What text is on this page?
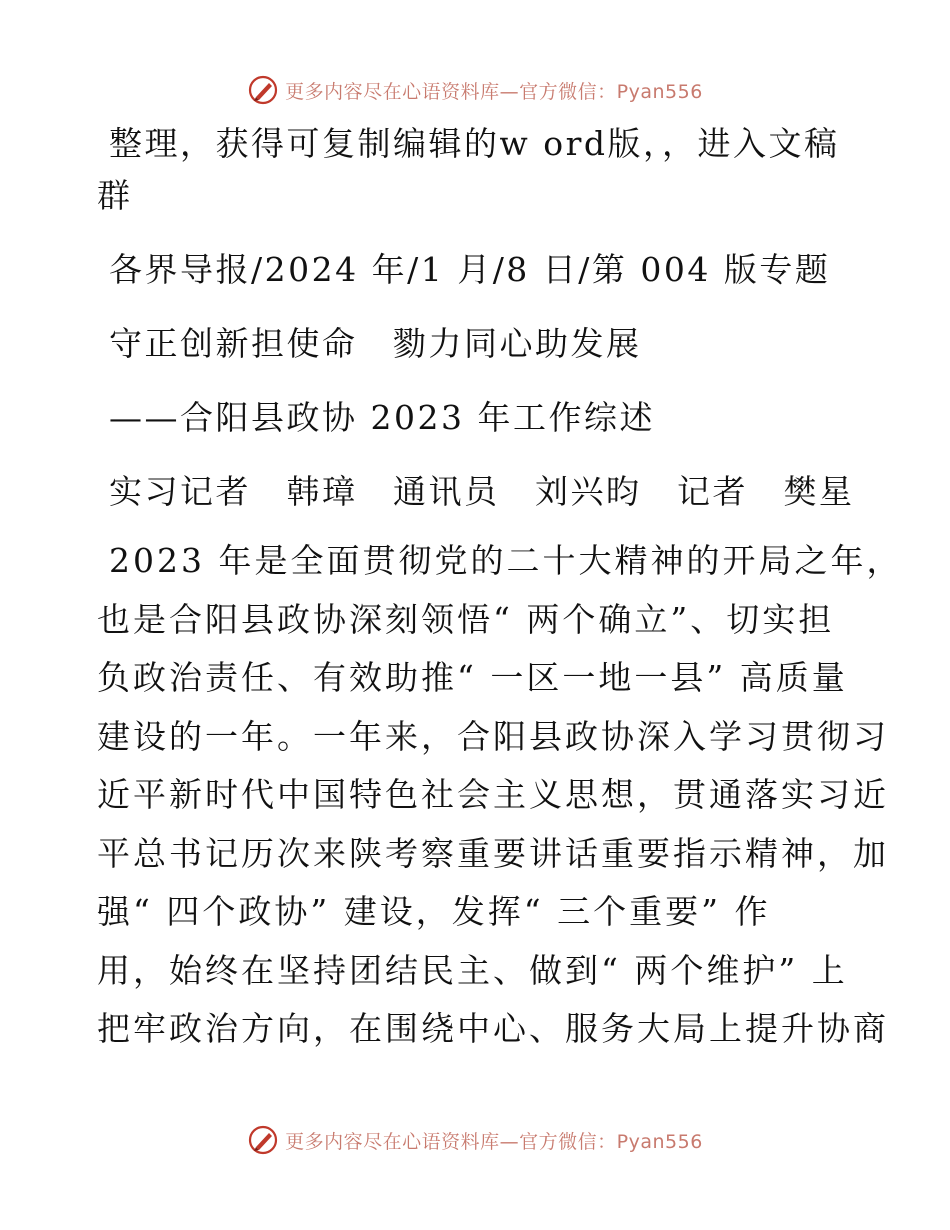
更多内容尽在心语资料库—官方微信：Pyan556
整理，获得可复制编辑的w ord版，，进入文稿
群
各界导报/2024 年/1 月/8 日/第 004 版专题
守正创新担使命　勠力同心助发展
——合阳县政协 2023 年工作综述
实习记者　韩璋　通讯员　刘兴昀　记者　樊星
2023 年是全面贯彻党的二十大精神的开局之年，
也是合阳县政协深刻领悟“ 两个确立”、切实担
负政治责任、有效助推“ 一区一地一县” 高质量
建设的一年。一年来，合阳县政协深入学习贯彻习
近平新时代中国特色社会主义思想，贯通落实习近
平总书记历次来陕考察重要讲话重要指示精神，加
强“ 四个政协” 建设，发挥“ 三个重要” 作
用，始终在坚持团结民主、做到“ 两个维护” 上
把牢政治方向，在围绕中心、服务大局上提升协商
更多内容尽在心语资料库—官方微信：Pyan556
